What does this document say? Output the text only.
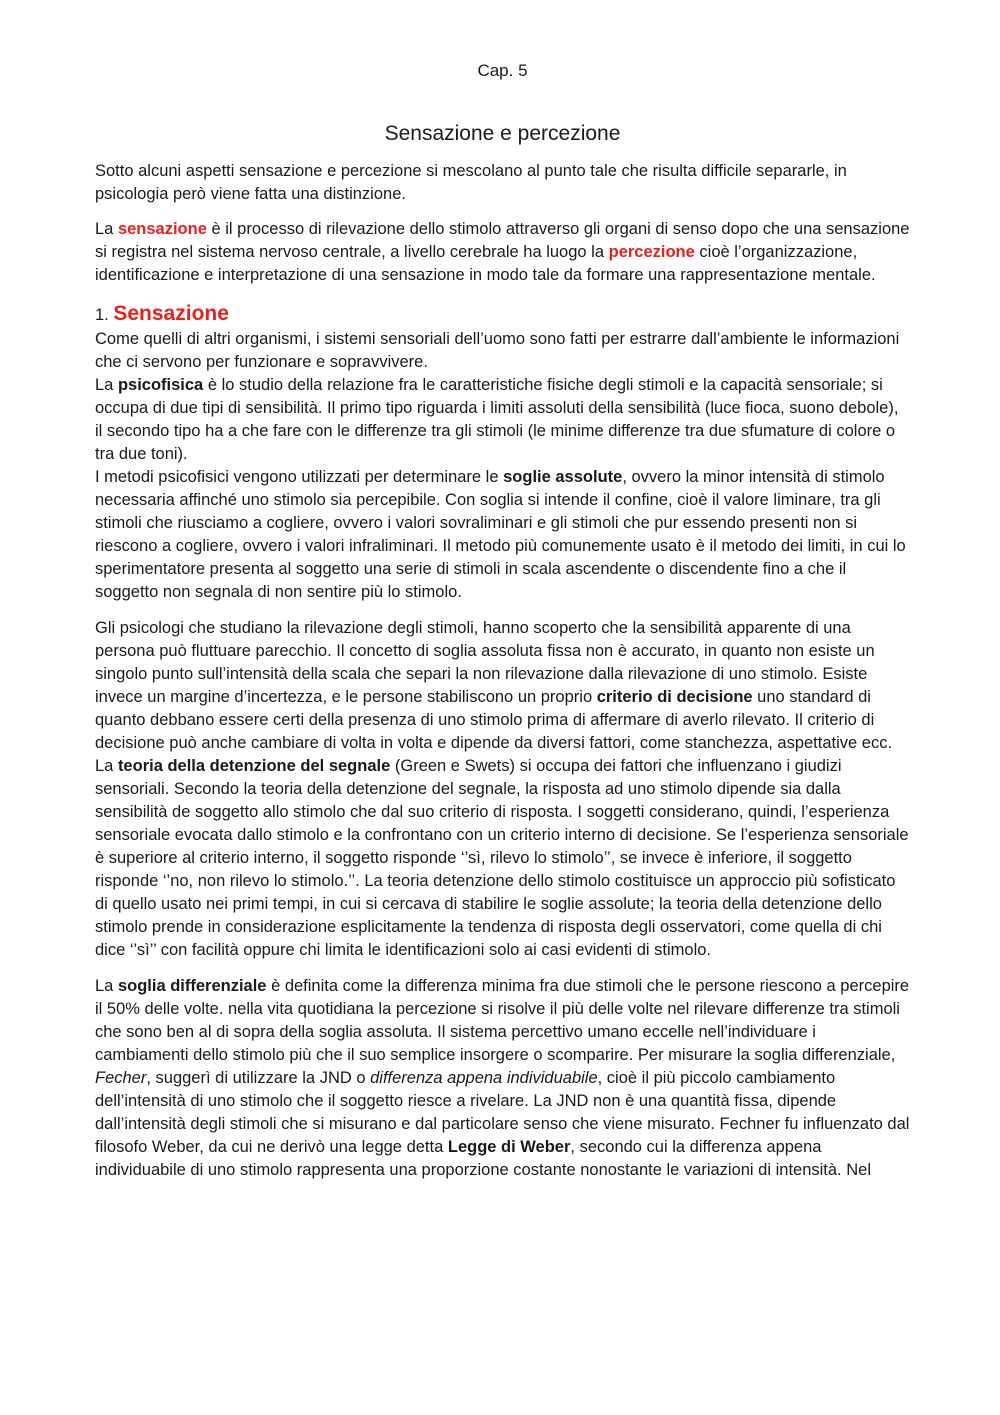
Cap. 5
Sensazione e percezione

Sotto alcuni aspetti sensazione e percezione si mescolano al punto tale che risulta difficile separarle, in psicologia però viene fatta una distinzione.

La sensazione è il processo di rilevazione dello stimolo attraverso gli organi di senso dopo che una sensazione si registra nel sistema nervoso centrale, a livello cerebrale ha luogo la percezione cioè l’organizzazione, identificazione e interpretazione di una sensazione in modo tale da formare una rappresentazione mentale.

1. Sensazione

Come quelli di altri organismi, i sistemi sensoriali dell’uomo sono fatti per estrarre dall’ambiente le informazioni che ci servono per funzionare e sopravvivere.

La psicofisica è lo studio della relazione fra le caratteristiche fisiche degli stimoli e la capacità sensoriale; si occupa di due tipi di sensibilità. Il primo tipo riguarda i limiti assoluti della sensibilità (luce fioca, suono debole), il secondo tipo ha a che fare con le differenze tra gli stimoli (le minime differenze tra due sfumature di colore o tra due toni).

I metodi psicofisici vengono utilizzati per determinare le soglie assolute, ovvero la minor intensità di stimolo necessaria affinché uno stimolo sia percepibile. Con soglia si intende il confine, cioè il valore liminare, tra gli stimoli che riusciamo a cogliere, ovvero i valori sovraliminari e gli stimoli che pur essendo presenti non si riescono a cogliere, ovvero i valori infraliminari. Il metodo più comunemente usato è il metodo dei limiti, in cui lo sperimentatore presenta al soggetto una serie di stimoli in scala ascendente o discendente fino a che il soggetto non segnala di non sentire più lo stimolo.

Gli psicologi che studiano la rilevazione degli stimoli, hanno scoperto che la sensibilità apparente di una persona può fluttuare parecchio. Il concetto di soglia assoluta fissa non è accurato, in quanto non esiste un singolo punto sull’intensità della scala che separi la non rilevazione dalla rilevazione di uno stimolo. Esiste invece un margine d’incertezza, e le persone stabiliscono un proprio criterio di decisione uno standard di quanto debbano essere certi della presenza di uno stimolo prima di affermare di averlo rilevato. Il criterio di decisione può anche cambiare di volta in volta e dipende da diversi fattori, come stanchezza, aspettative ecc. La teoria della detenzione del segnale (Green e Swets) si occupa dei fattori che influenzano i giudizi sensoriali. Secondo la teoria della detenzione del segnale, la risposta ad uno stimolo dipende sia dalla sensibilità de soggetto allo stimolo che dal suo criterio di risposta. I soggetti considerano, quindi, l’esperienza sensoriale evocata dallo stimolo e la confrontano con un criterio interno di decisione. Se l’esperienza sensoriale è superiore al criterio interno, il soggetto risponde ‘’sì, rilevo lo stimolo’’, se invece è inferiore, il soggetto risponde ‘’no, non rilevo lo stimolo.’’. La teoria detenzione dello stimolo costituisce un approccio più sofisticato di quello usato nei primi tempi, in cui si cercava di stabilire le soglie assolute; la teoria della detenzione dello stimolo prende in considerazione esplicitamente la tendenza di risposta degli osservatori, come quella di chi dice ‘’sì’’ con facilità oppure chi limita le identificazioni solo ai casi evidenti di stimolo.

La soglia differenziale è definita come la differenza minima fra due stimoli che le persone riescono a percepire il 50% delle volte. nella vita quotidiana la percezione si risolve il più delle volte nel rilevare differenze tra stimoli che sono ben al di sopra della soglia assoluta. Il sistema percettivo umano eccelle nell’individuare i cambiamenti dello stimolo più che il suo semplice insorgere o scomparire. Per misurare la soglia differenziale, Fecher, suggerì di utilizzare la JND o differenza appena individuabile, cioè il più piccolo cambiamento dell’intensità di uno stimolo che il soggetto riesce a rivelare. La JND non è una quantità fissa, dipende dall’intensità degli stimoli che si misurano e dal particolare senso che viene misurato. Fechner fu influenzato dal filosofo Weber, da cui ne derivò una legge detta Legge di Weber, secondo cui la differenza appena individuabile di uno stimolo rappresenta una proporzione costante nonostante le variazioni di intensità. Nel
